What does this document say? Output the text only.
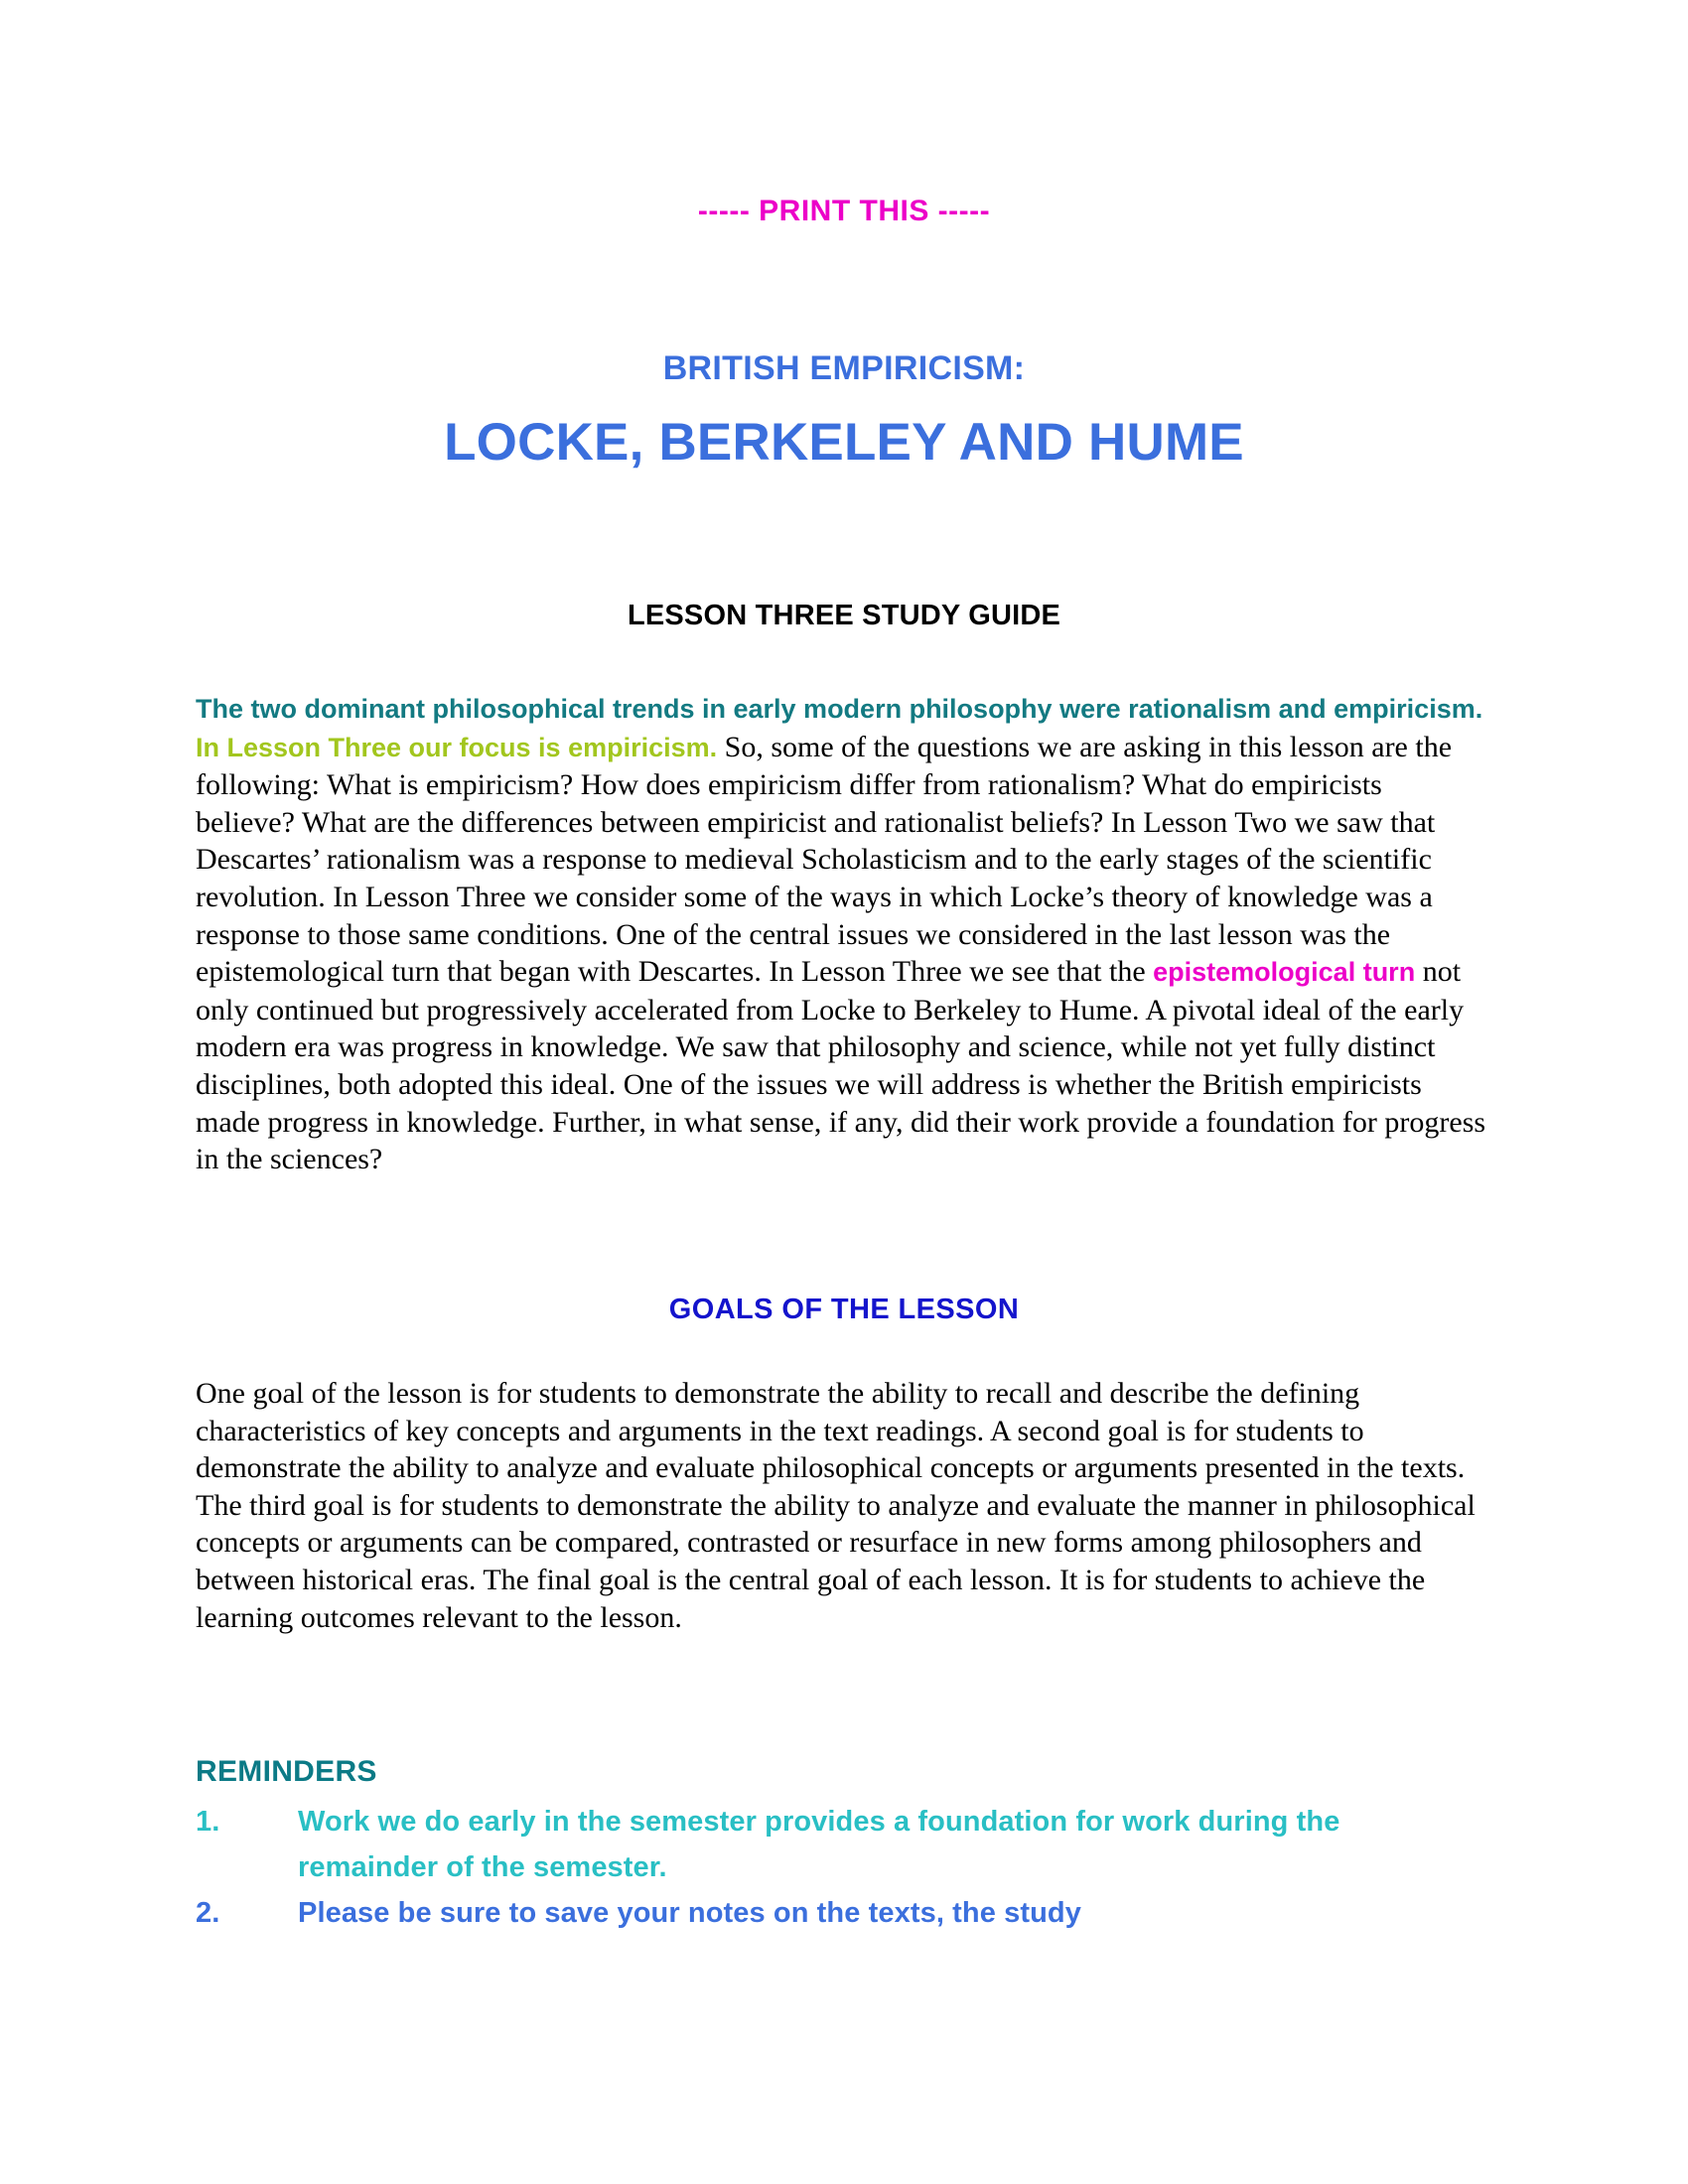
----- PRINT THIS -----
BRITISH EMPIRICISM:
LOCKE, BERKELEY AND HUME
LESSON THREE STUDY GUIDE
The two dominant philosophical trends in early modern philosophy were rationalism and empiricism. In Lesson Three our focus is empiricism. So, some of the questions we are asking in this lesson are the following: What is empiricism? How does empiricism differ from rationalism? What do empiricists believe? What are the differences between empiricist and rationalist beliefs? In Lesson Two we saw that Descartes’ rationalism was a response to medieval Scholasticism and to the early stages of the scientific revolution. In Lesson Three we consider some of the ways in which Locke’s theory of knowledge was a response to those same conditions. One of the central issues we considered in the last lesson was the epistemological turn that began with Descartes. In Lesson Three we see that the epistemological turn not only continued but progressively accelerated from Locke to Berkeley to Hume. A pivotal ideal of the early modern era was progress in knowledge. We saw that philosophy and science, while not yet fully distinct disciplines, both adopted this ideal. One of the issues we will address is whether the British empiricists made progress in knowledge. Further, in what sense, if any, did their work provide a foundation for progress in the sciences?
GOALS OF THE LESSON
One goal of the lesson is for students to demonstrate the ability to recall and describe the defining characteristics of key concepts and arguments in the text readings. A second goal is for students to demonstrate the ability to analyze and evaluate philosophical concepts or arguments presented in the texts. The third goal is for students to demonstrate the ability to analyze and evaluate the manner in philosophical concepts or arguments can be compared, contrasted or resurface in new forms among philosophers and between historical eras. The final goal is the central goal of each lesson. It is for students to achieve the learning outcomes relevant to the lesson.
REMINDERS
1.	Work we do early in the semester provides a foundation for work during the remainder of the semester.
2.	Please be sure to save your notes on the texts, the study
